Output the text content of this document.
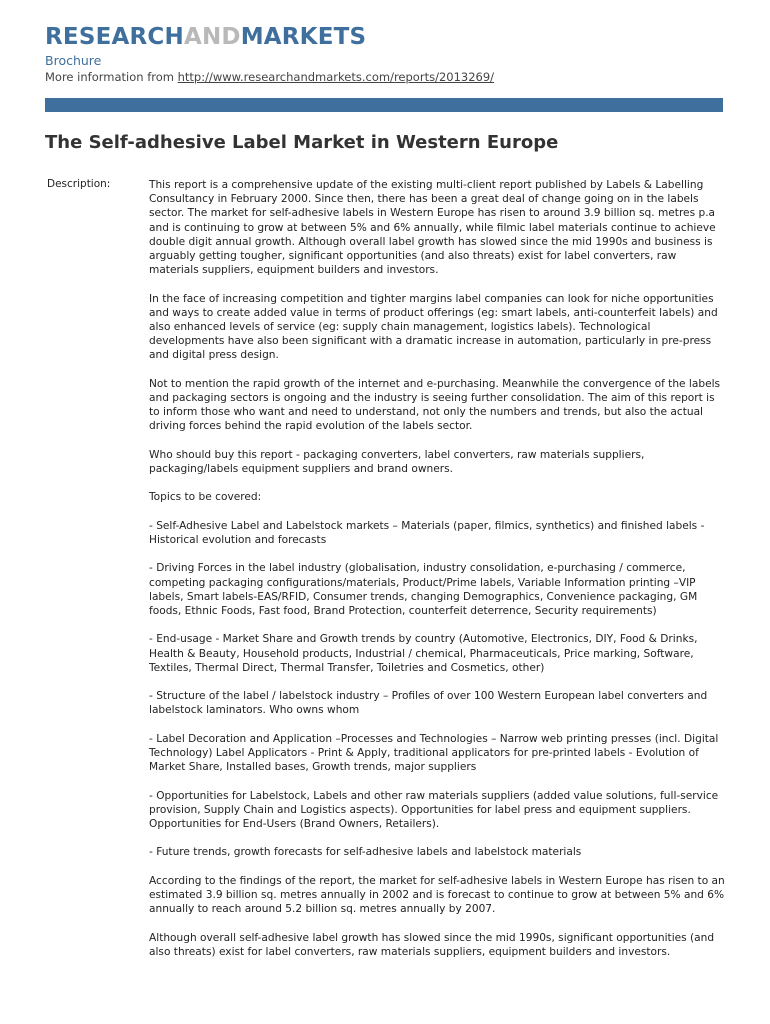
RESEARCHANDMARKETS
Brochure
More information from http://www.researchandmarkets.com/reports/2013269/
The Self-adhesive Label Market in Western Europe
Description:	This report is a comprehensive update of the existing multi-client report published by Labels & Labelling Consultancy in February 2000. Since then, there has been a great deal of change going on in the labels sector. The market for self-adhesive labels in Western Europe has risen to around 3.9 billion sq. metres p.a and is continuing to grow at between 5% and 6% annually, while filmic label materials continue to achieve double digit annual growth. Although overall label growth has slowed since the mid 1990s and business is arguably getting tougher, significant opportunities (and also threats) exist for label converters, raw materials suppliers, equipment builders and investors.

In the face of increasing competition and tighter margins label companies can look for niche opportunities and ways to create added value in terms of product offerings (eg: smart labels, anti-counterfeit labels) and also enhanced levels of service (eg: supply chain management, logistics labels). Technological developments have also been significant with a dramatic increase in automation, particularly in pre-press and digital press design.

Not to mention the rapid growth of the internet and e-purchasing. Meanwhile the convergence of the labels and packaging sectors is ongoing and the industry is seeing further consolidation. The aim of this report is to inform those who want and need to understand, not only the numbers and trends, but also the actual driving forces behind the rapid evolution of the labels sector.

Who should buy this report - packaging converters, label converters, raw materials suppliers, packaging/labels equipment suppliers and brand owners.

Topics to be covered:

- Self-Adhesive Label and Labelstock markets – Materials (paper, filmics, synthetics) and finished labels - Historical evolution and forecasts

- Driving Forces in the label industry (globalisation, industry consolidation, e-purchasing / commerce, competing packaging configurations/materials, Product/Prime labels, Variable Information printing –VIP labels, Smart labels-EAS/RFID, Consumer trends, changing Demographics, Convenience packaging, GM foods, Ethnic Foods, Fast food, Brand Protection, counterfeit deterrence, Security requirements)

- End-usage - Market Share and Growth trends by country (Automotive, Electronics, DIY, Food & Drinks, Health & Beauty, Household products, Industrial / chemical, Pharmaceuticals, Price marking, Software, Textiles, Thermal Direct, Thermal Transfer, Toiletries and Cosmetics, other)

- Structure of the label / labelstock industry – Profiles of over 100 Western European label converters and labelstock laminators. Who owns whom

- Label Decoration and Application –Processes and Technologies – Narrow web printing presses (incl. Digital Technology) Label Applicators - Print & Apply, traditional applicators for pre-printed labels - Evolution of Market Share, Installed bases, Growth trends, major suppliers

- Opportunities for Labelstock, Labels and other raw materials suppliers (added value solutions, full-service provision, Supply Chain and Logistics aspects). Opportunities for label press and equipment suppliers. Opportunities for End-Users (Brand Owners, Retailers).

- Future trends, growth forecasts for self-adhesive labels and labelstock materials

According to the findings of the report, the market for self-adhesive labels in Western Europe has risen to an estimated 3.9 billion sq. metres annually in 2002 and is forecast to continue to grow at between 5% and 6% annually to reach around 5.2 billion sq. metres annually by 2007.

Although overall self-adhesive label growth has slowed since the mid 1990s, significant opportunities (and also threats) exist for label converters, raw materials suppliers, equipment builders and investors.
